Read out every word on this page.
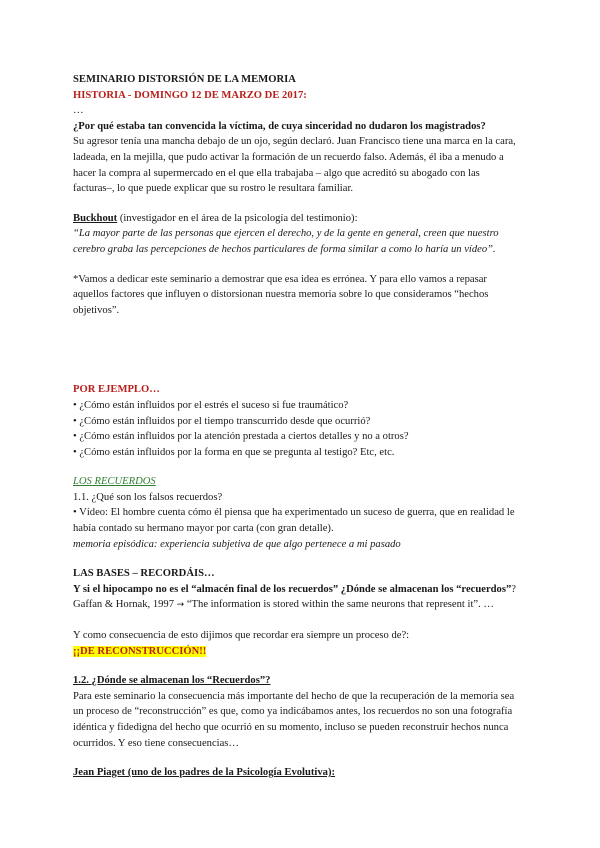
SEMINARIO DISTORSIÓN DE LA MEMORIA

HISTORIA - DOMINGO 12 DE MARZO DE 2017:

…

¿Por qué estaba tan convencida la víctima, de cuya sinceridad no dudaron los magistrados?

Su agresor tenía una mancha debajo de un ojo, según declaró. Juan Francisco tiene una marca en la cara, ladeada, en la mejilla, que pudo activar la formación de un recuerdo falso. Además, él iba a menudo a hacer la compra al supermercado en el que ella trabajaba – algo que acreditó su abogado con las facturas–, lo que puede explicar que su rostro le resultara familiar.

Buckhout (investigador en el área de la psicología del testimonio):

“La mayor parte de las personas que ejercen el derecho, y de la gente en general, creen que nuestro cerebro graba las percepciones de hechos particulares de forma similar a como lo haría un vídeo”.

*Vamos a dedicar este seminario a demostrar que esa idea es errónea. Y para ello vamos a repasar aquellos factores que influyen o distorsionan nuestra memoria sobre lo que consideramos “hechos objetivos”.

POR EJEMPLO…

• ¿Cómo están influidos por el estrés el suceso si fue traumático?

• ¿Cómo están influidos por el tiempo transcurrido desde que ocurrió?

• ¿Cómo están influidos por la atención prestada a ciertos detalles y no a otros?

• ¿Cómo están influidos por la forma en que se pregunta al testigo? Etc, etc.

LOS RECUERDOS

1.1. ¿Qué son los falsos recuerdos?

• Vídeo: El hombre cuenta cómo él piensa que ha experimentado un suceso de guerra, que en realidad le había contado su hermano mayor por carta (con gran detalle).

memoria episódica: experiencia subjetiva de que algo pertenece a mi pasado

LAS BASES – RECORDÁIS…

Y si el hipocampo no es el “almacén final de los recuerdos” ¿Dónde se almacenan los “recuerdos”? Gaffan & Hornak, 1997 → “The information is stored within the same neurons that represent it”. …

Y como consecuencia de esto dijimos que recordar era siempre un proceso de?:

¡¡DE RECONSTRUCCIÓN!!

1.2. ¿Dónde se almacenan los “Recuerdos”?

Para este seminario la consecuencia más importante del hecho de que la recuperación de la memoria sea un proceso de “reconstrucción” es que, como ya indicábamos antes, los recuerdos no son una fotografía idéntica y fidedigna del hecho que ocurrió en su momento, incluso se pueden reconstruir hechos nunca ocurridos. Y eso tiene consecuencias…

Jean Piaget (uno de los padres de la Psicología Evolutiva):
